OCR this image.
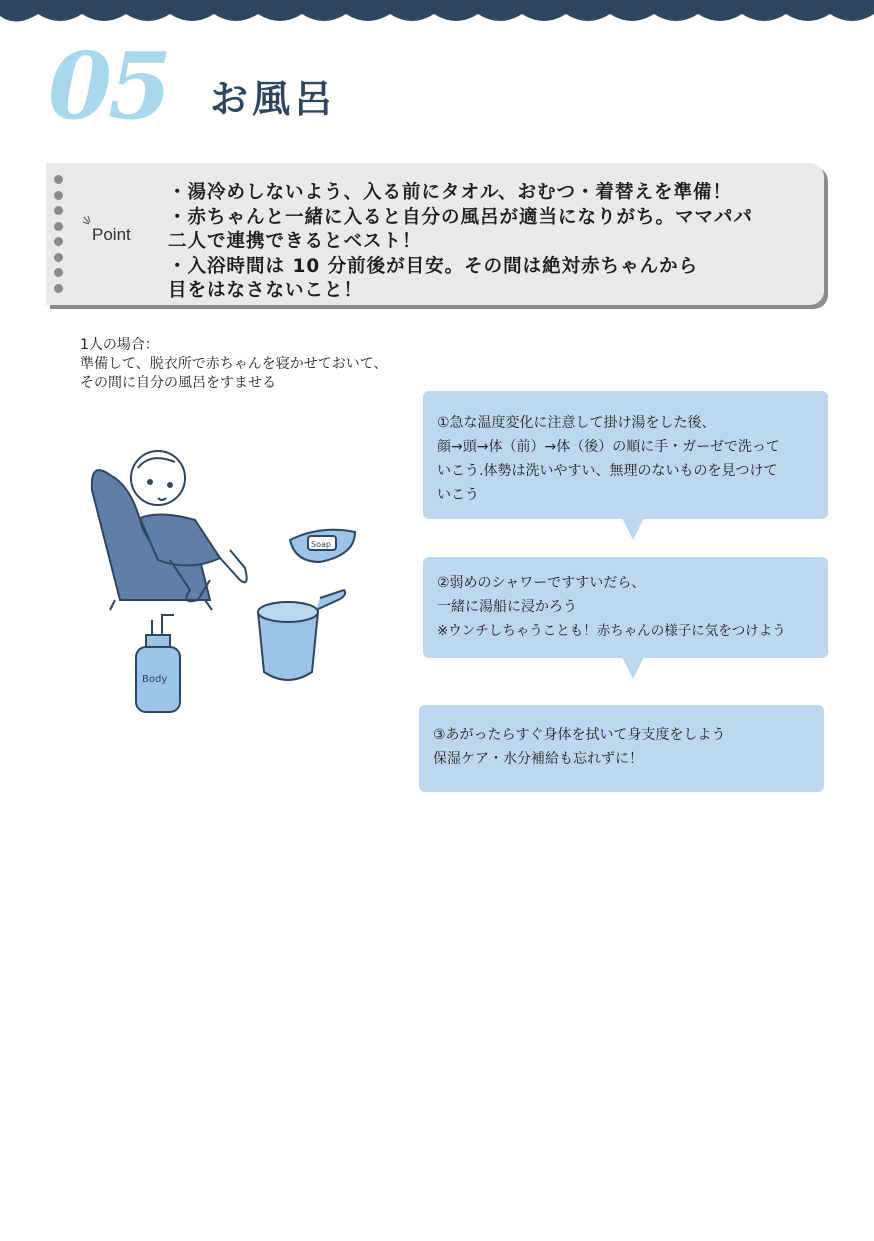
05 お風呂
Point
・湯冷めしないよう、入る前にタオル、おむつ・着替えを準備！
・赤ちゃんと一緒に入ると自分の風呂が適当になりがち。ママパパ
二人で連携できるとベスト！
・入浴時間は 10 分前後が目安。その間は絶対赤ちゃんから
目をはなさないこと！
1人の場合：
準備して、脱衣所で赤ちゃんを寝かせておいて、
その間に自分の風呂をすませる
①急な温度変化に注意して掛け湯をした後、
顔→頭→体（前）→体（後）の順に手・ガーゼで洗って
いこう.体勢は洗いやすい、無理のないものを見つけて
いこう
②弱めのシャワーですすいだら、
一緒に湯船に浸かろう
※ウンチしちゃうことも！赤ちゃんの様子に気をつけよう
③あがったらすぐ身体を拭いて身支度をしよう
保湿ケア・水分補給も忘れずに！
Soap
Body
